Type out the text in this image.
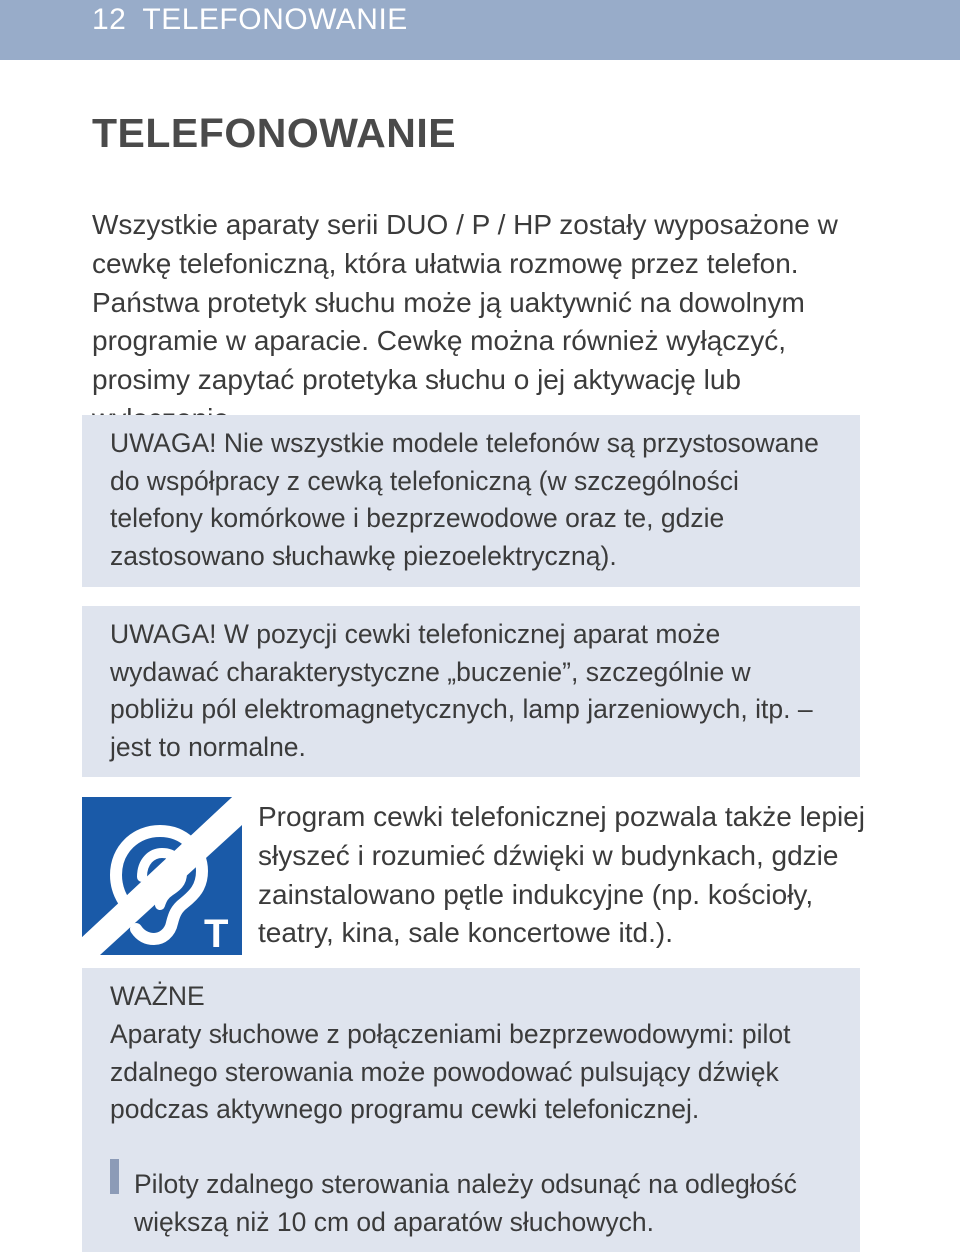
12 TELEFONOWANIE
TELEFONOWANIE

Wszystkie aparaty serii DUO / P / HP zostały wyposażone w cewkę telefoniczną, która ułatwia rozmowę przez telefon. Państwa protetyk słuchu może ją uaktywnić na dowolnym programie w aparacie. Cewkę można również wyłączyć, prosimy zapytać protetyka słuchu o jej aktywację lub

UWAGA! Nie wszystkie modele telefonów są przystosowane do współpracy z cewką telefoniczną (w szczególności telefony komórkowe i bezprzewodowe oraz te, gdzie zastosowano słuchawkę piezoelektryczną).

UWAGA! W pozycji cewki telefonicznej aparat może wydawać charakterystyczne „buczenie”, szczególnie w pobliżu pól elektromagnetycznych, lamp jarzeniowych, itp. – jest to normalne.

T

Program cewki telefonicznej pozwala także lepiej słyszeć i rozumieć dźwięki w budynkach, gdzie zainstalowano pętle indukcyjne (np. kościoły, teatry, kina, sale koncertowe itd.).

WAŻNE

Aparaty słuchowe z połączeniami bezprzewodowymi: pilot zdalnego sterowania może powodować pulsujący dźwięk podczas aktywnego programu cewki telefonicznej.

Piloty zdalnego sterowania należy odsunąć na odległość większą niż 10 cm od aparatów słuchowych.
